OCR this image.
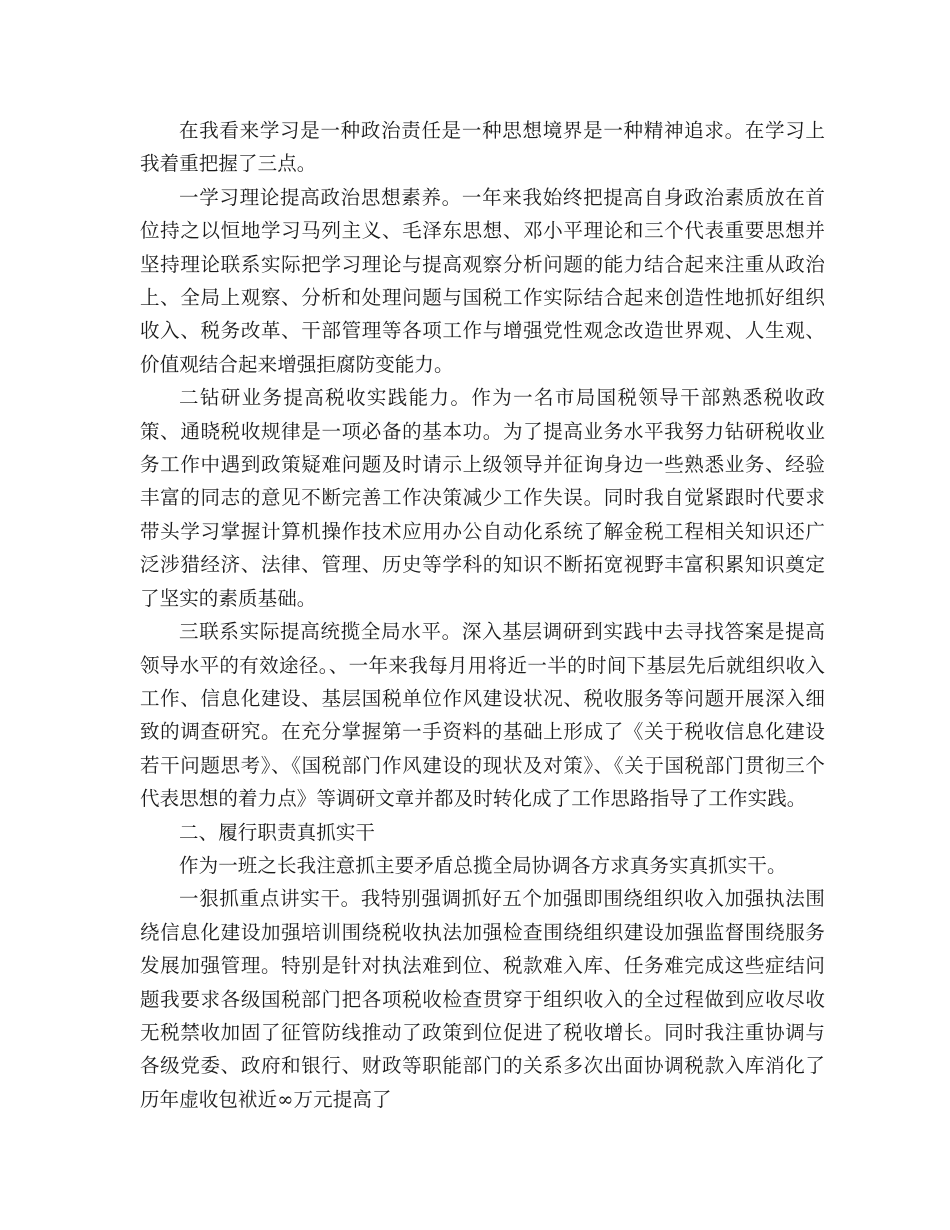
在我看来学习是一种政治责任是一种思想境界是一种精神追求。在学习上我着重把握了三点。

一学习理论提高政治思想素养。一年来我始终把提高自身政治素质放在首位持之以恒地学习马列主义、毛泽东思想、邓小平理论和三个代表重要思想并坚持理论联系实际把学习理论与提高观察分析问题的能力结合起来注重从政治上、全局上观察、分析和处理问题与国税工作实际结合起来创造性地抓好组织收入、税务改革、干部管理等各项工作与增强党性观念改造世界观、人生观、价值观结合起来增强拒腐防变能力。

二钻研业务提高税收实践能力。作为一名市局国税领导干部熟悉税收政策、通晓税收规律是一项必备的基本功。为了提高业务水平我努力钻研税收业务工作中遇到政策疑难问题及时请示上级领导并征询身边一些熟悉业务、经验丰富的同志的意见不断完善工作决策减少工作失误。同时我自觉紧跟时代要求带头学习掌握计算机操作技术应用办公自动化系统了解金税工程相关知识还广泛涉猎经济、法律、管理、历史等学科的知识不断拓宽视野丰富积累知识奠定了坚实的素质基础。

三联系实际提高统揽全局水平。深入基层调研到实践中去寻找答案是提高领导水平的有效途径。、一年来我每月用将近一半的时间下基层先后就组织收入工作、信息化建设、基层国税单位作风建设状况、税收服务等问题开展深入细致的调查研究。在充分掌握第一手资料的基础上形成了《关于税收信息化建设若干问题思考》、《国税部门作风建设的现状及对策》、《关于国税部门贯彻三个代表思想的着力点》等调研文章并都及时转化成了工作思路指导了工作实践。

二、履行职责真抓实干

作为一班之长我注意抓主要矛盾总揽全局协调各方求真务实真抓实干。

一狠抓重点讲实干。我特别强调抓好五个加强即围绕组织收入加强执法围绕信息化建设加强培训围绕税收执法加强检查围绕组织建设加强监督围绕服务发展加强管理。特别是针对执法难到位、税款难入库、任务难完成这些症结问题我要求各级国税部门把各项税收检查贯穿于组织收入的全过程做到应收尽收无税禁收加固了征管防线推动了政策到位促进了税收增长。同时我注重协调与各级党委、政府和银行、财政等职能部门的关系多次出面协调税款入库消化了历年虚收包袱近∞万元提高了
